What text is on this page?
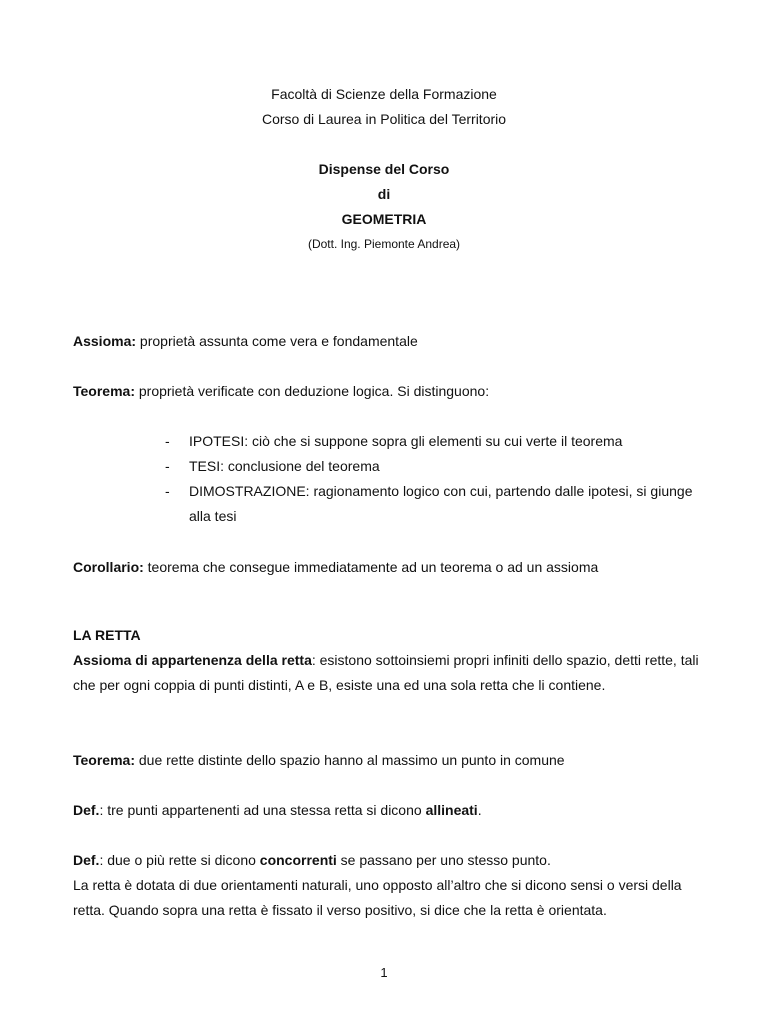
Facoltà di Scienze della Formazione
Corso di Laurea in Politica del Territorio
Dispense del Corso
di
GEOMETRIA
(Dott. Ing. Piemonte Andrea)

Assioma: proprietà assunta come vera e fondamentale

Teorema: proprietà verificate con deduzione logica. Si distinguono:

- IPOTESI: ciò che si suppone sopra gli elementi su cui verte il teorema
- TESI: conclusione del teorema
- DIMOSTRAZIONE: ragionamento logico con cui, partendo dalle ipotesi, si giunge alla tesi

Corollario: teorema che consegue immediatamente ad un teorema o ad un assioma

LA RETTA

Assioma di appartenenza della retta: esistono sottoinsiemi propri infiniti dello spazio, detti rette, tali che per ogni coppia di punti distinti, A e B, esiste una ed una sola retta che li contiene.

Teorema: due rette distinte dello spazio hanno al massimo un punto in comune

Def.: tre punti appartenenti ad una stessa retta si dicono allineati.

Def.: due o più rette si dicono concorrenti se passano per uno stesso punto.

La retta è dotata di due orientamenti naturali, uno opposto all’altro che si dicono sensi o versi della retta. Quando sopra una retta è fissato il verso positivo, si dice che la retta è orientata.

1
